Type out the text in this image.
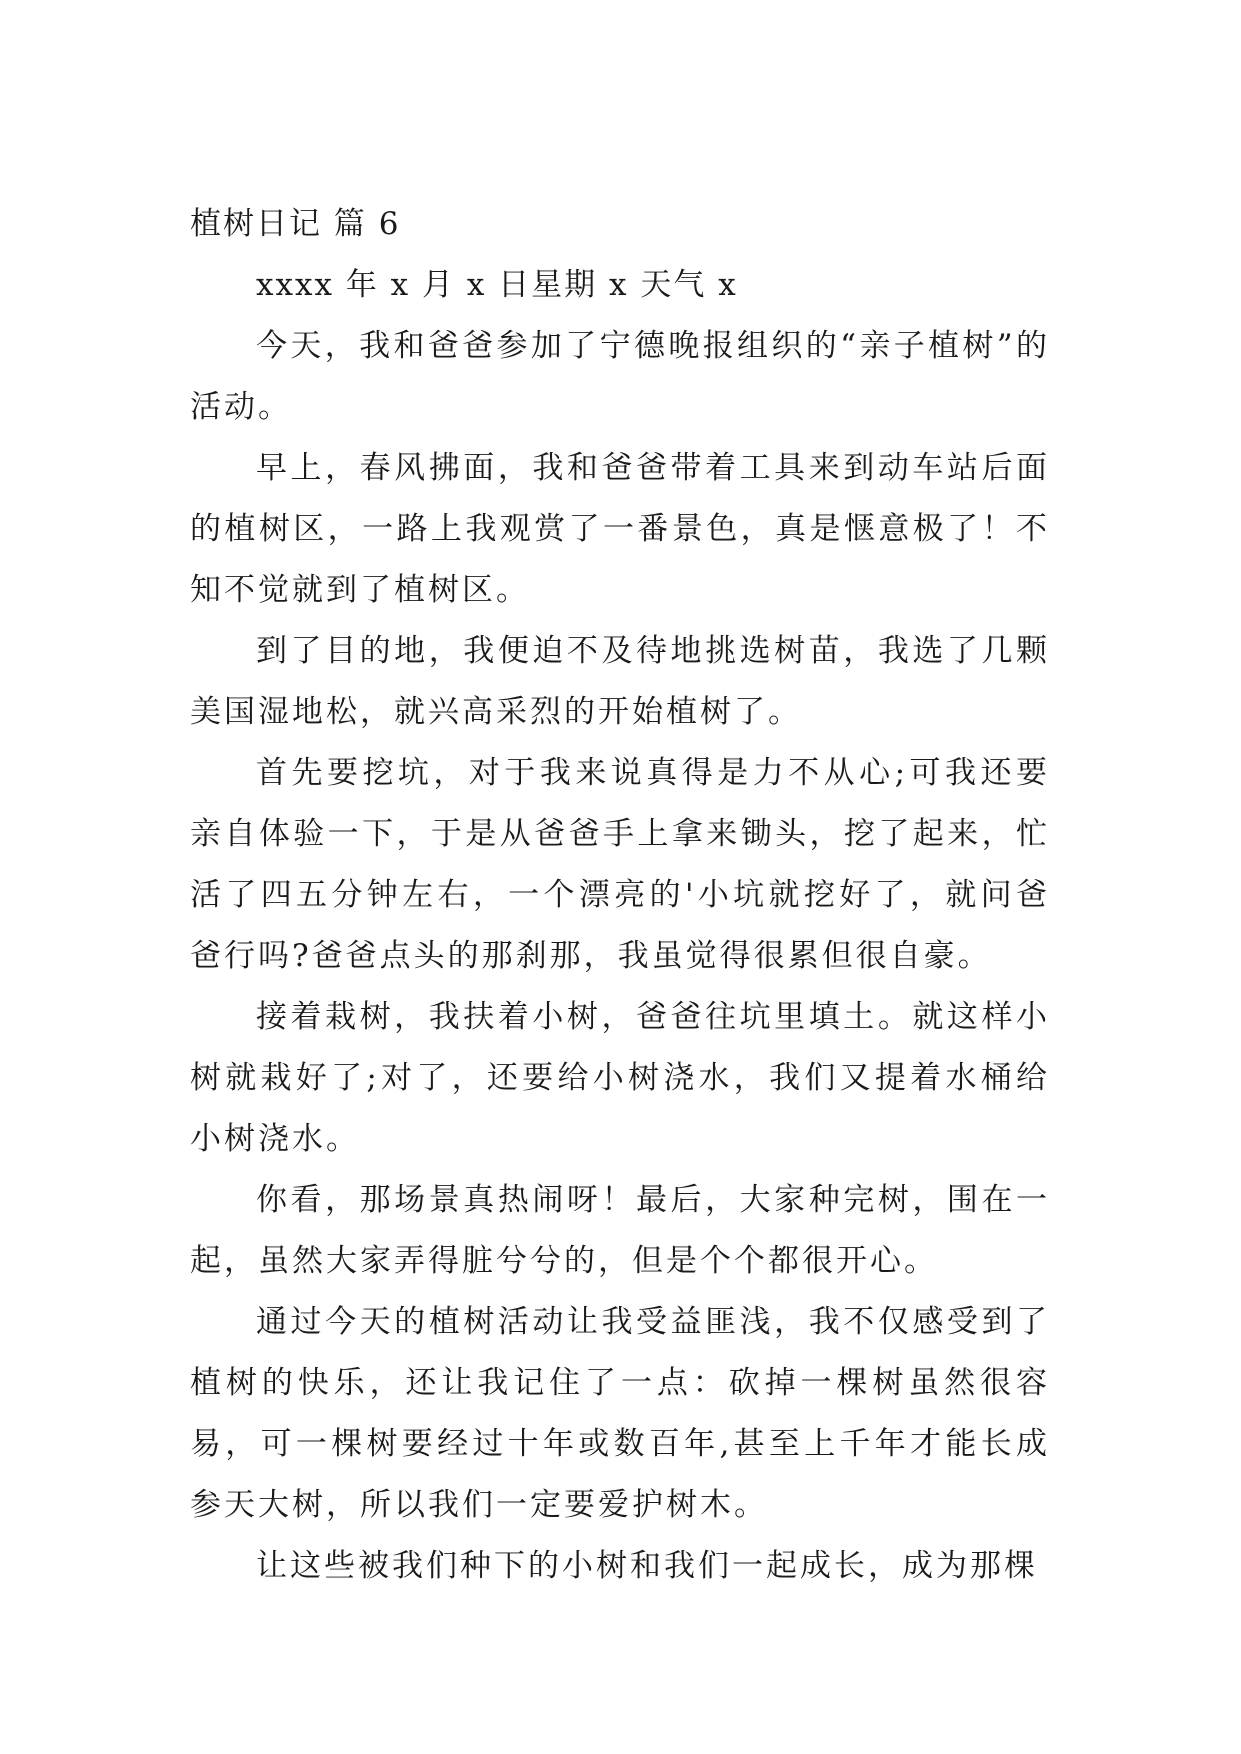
植树日记 篇 6

xxxx 年 x 月 x 日星期 x 天气 x

今天，我和爸爸参加了宁德晚报组织的“亲子植树”的活动。

早上，春风拂面，我和爸爸带着工具来到动车站后面的植树区，一路上我观赏了一番景色，真是惬意极了！不知不觉就到了植树区。

到了目的地，我便迫不及待地挑选树苗，我选了几颗美国湿地松，就兴高采烈的开始植树了。

首先要挖坑，对于我来说真得是力不从心;可我还要亲自体验一下，于是从爸爸手上拿来锄头，挖了起来，忙活了四五分钟左右，一个漂亮的'小坑就挖好了，就问爸爸行吗?爸爸点头的那刹那，我虽觉得很累但很自豪。

接着栽树，我扶着小树，爸爸往坑里填土。就这样小树就栽好了;对了，还要给小树浇水，我们又提着水桶给小树浇水。

你看，那场景真热闹呀！最后，大家种完树，围在一起，虽然大家弄得脏兮兮的，但是个个都很开心。

通过今天的植树活动让我受益匪浅，我不仅感受到了植树的快乐，还让我记住了一点：砍掉一棵树虽然很容易，可一棵树要经过十年或数百年,甚至上千年才能长成参天大树，所以我们一定要爱护树木。

让这些被我们种下的小树和我们一起成长，成为那棵
